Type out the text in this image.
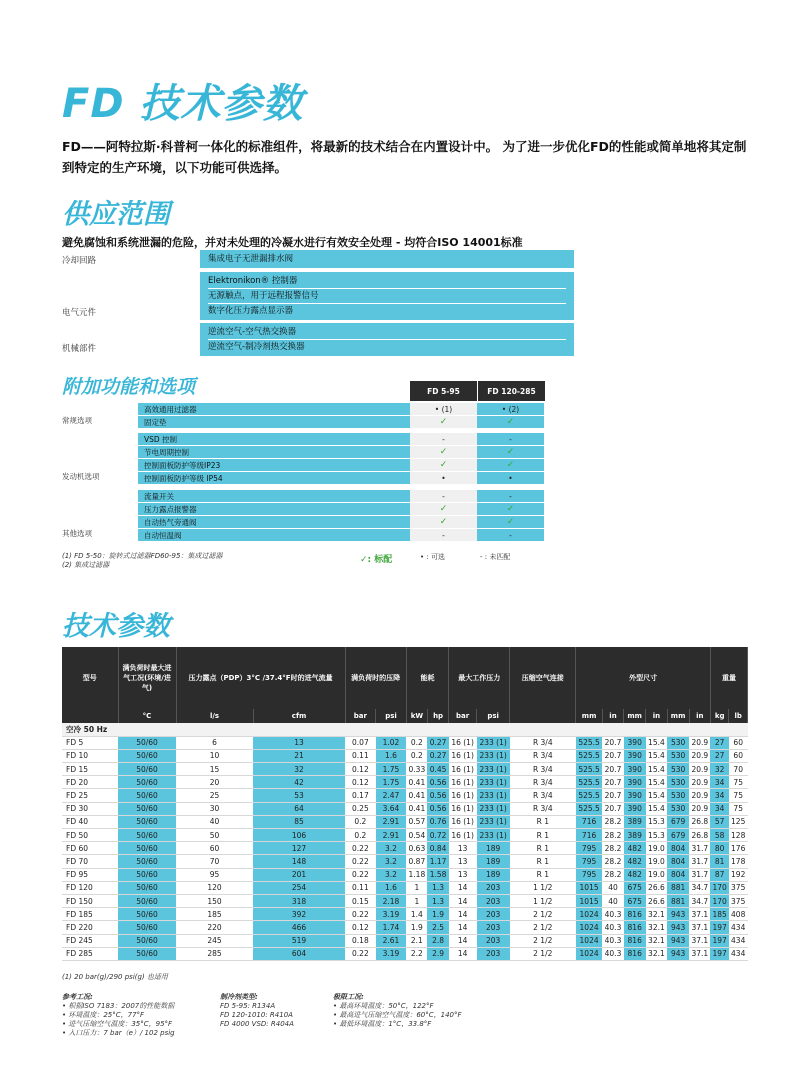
FD 技术参数
FD——阿特拉斯·科普柯一体化的标准组件，将最新的技术结合在内置设计中。 为了进一步优化FD的性能或简单地将其定制到特定的生产环境，以下功能可供选择。
供应范围
避免腐蚀和系统泄漏的危险，并对未处理的冷凝水进行有效安全处理 - 均符合ISO 14001标准
冷却回路	集成电子无泄漏排水阀
电气元件
Elektronikon® 控制器
无源触点，用于远程报警信号
数字化压力露点显示器
机械部件
逆流空气-空气热交换器
逆流空气-制冷剂热交换器
附加功能和选项	FD 5-95	FD 120-285
常规选项
高效通用过滤器	• (1)	• (2)
固定垫	✓	✓
发动机选项
VSD 控制	-	-
节电周期控制	✓	✓
控制面板防护等级IP23	✓	✓
控制面板防护等级 IP54	•	•
其他选项
流量开关	-	-
压力露点报警器	✓	✓
自动热气旁通阀	✓	✓
自动恒温阀	-	-
(1) FD 5-50：旋转式过滤器FD60-95：集成过滤器
(2) 集成过滤器	✓: 标配	• : 可选	- : 未匹配
技术参数
型号	满负荷时最大进气工况(环境/进气)	压力露点（PDP）3°C /37.4°F时的进气流量		满负荷时的压降		能耗		最大工作压力		压缩空气连接	外型尺寸						重量	
	°C	l/s	cfm	bar	psi	kW	hp	bar	psi		mm	in	mm	in	mm	in	kg	lb
空冷 50 Hz																		
FD 5	50/60	6	13	0.07	1.02	0.2	0.27	16 (1)	233 (1)	R 3/4	525.5	20.7	390	15.4	530	20.9	27	60
FD 10	50/60	10	21	0.11	1.6	0.2	0.27	16 (1)	233 (1)	R 3/4	525.5	20.7	390	15.4	530	20.9	27	60
FD 15	50/60	15	32	0.12	1.75	0.33	0.45	16 (1)	233 (1)	R 3/4	525.5	20.7	390	15.4	530	20.9	32	70
FD 20	50/60	20	42	0.12	1.75	0.41	0.56	16 (1)	233 (1)	R 3/4	525.5	20.7	390	15.4	530	20.9	34	75
FD 25	50/60	25	53	0.17	2.47	0.41	0.56	16 (1)	233 (1)	R 3/4	525.5	20.7	390	15.4	530	20.9	34	75
FD 30	50/60	30	64	0.25	3.64	0.41	0.56	16 (1)	233 (1)	R 3/4	525.5	20.7	390	15.4	530	20.9	34	75
FD 40	50/60	40	85	0.2	2.91	0.57	0.76	16 (1)	233 (1)	R 1	716	28.2	389	15.3	679	26.8	57	125
FD 50	50/60	50	106	0.2	2.91	0.54	0.72	16 (1)	233 (1)	R 1	716	28.2	389	15.3	679	26.8	58	128
FD 60	50/60	60	127	0.22	3.2	0.63	0.84	13	189	R 1	795	28.2	482	19.0	804	31.7	80	176
FD 70	50/60	70	148	0.22	3.2	0.87	1.17	13	189	R 1	795	28.2	482	19.0	804	31.7	81	178
FD 95	50/60	95	201	0.22	3.2	1.18	1.58	13	189	R 1	795	28.2	482	19.0	804	31.7	87	192
FD 120	50/60	120	254	0.11	1.6	1	1.3	14	203	1 1/2	1015	40	675	26.6	881	34.7	170	375
FD 150	50/60	150	318	0.15	2.18	1	1.3	14	203	1 1/2	1015	40	675	26.6	881	34.7	170	375
FD 185	50/60	185	392	0.22	3.19	1.4	1.9	14	203	2 1/2	1024	40.3	816	32.1	943	37.1	185	408
FD 220	50/60	220	466	0.12	1.74	1.9	2.5	14	203	2 1/2	1024	40.3	816	32.1	943	37.1	197	434
FD 245	50/60	245	519	0.18	2.61	2.1	2.8	14	203	2 1/2	1024	40.3	816	32.1	943	37.1	197	434
FD 285	50/60	285	604	0.22	3.19	2.2	2.9	14	203	2 1/2	1024	40.3	816	32.1	943	37.1	197	434
(1) 20 bar(g)/290 psi(g) 也适用
参考工况:
• 根据ISO 7183：2007的性能数据
• 环境温度：25°C，77°F
• 进气压缩空气温度：35°C，95°F
• 入口压力：7 bar（e）/ 102 psig
制冷剂类型:
FD 5-95: R134A
FD 120-1010: R410A
FD 4000 VSD: R404A
极限工况:
• 最高环境温度：50°C，122°F
• 最高进气压缩空气温度：60°C，140°F
• 最低环境温度：1°C，33.8°F
